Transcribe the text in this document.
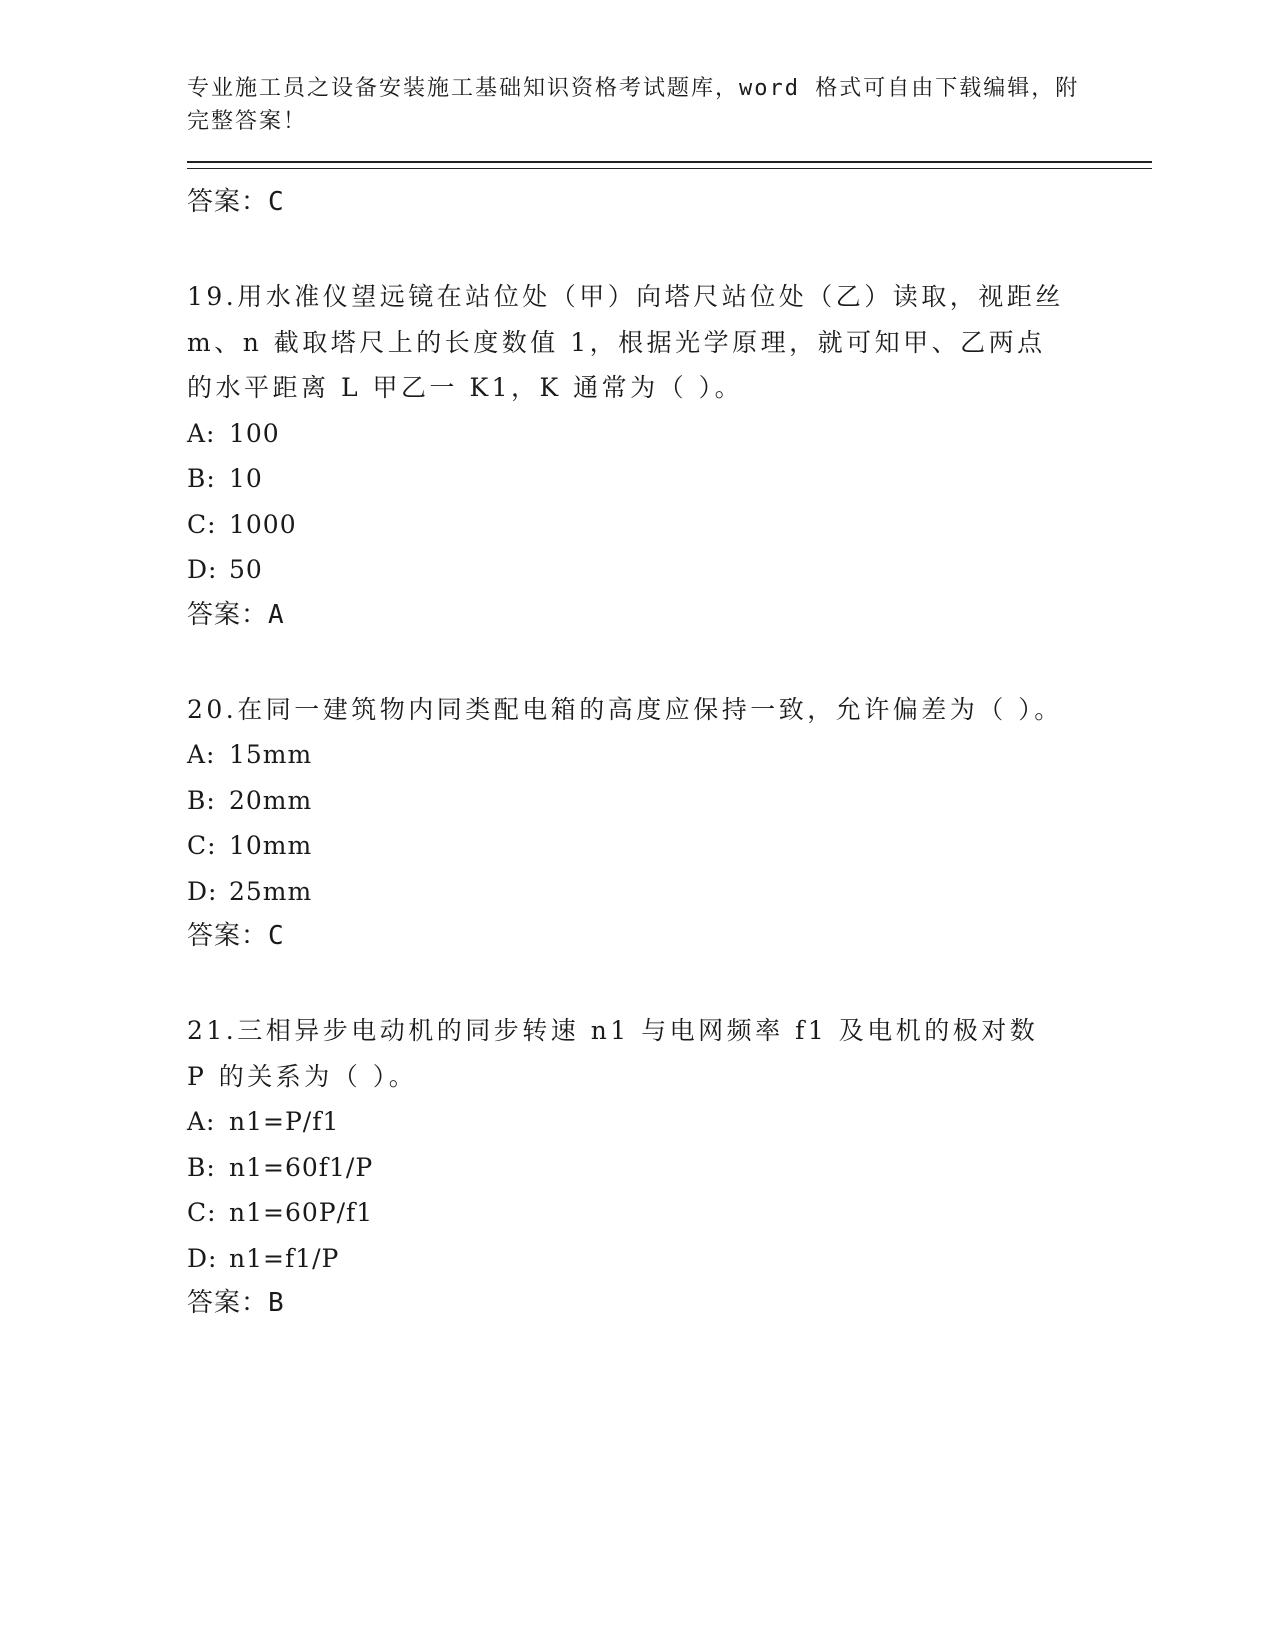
专业施工员之设备安装施工基础知识资格考试题库，word 格式可自由下载编辑，附完整答案！

答案：C

19.用水准仪望远镜在站位处（甲）向塔尺站位处（乙）读取，视距丝m、n 截取塔尺上的长度数值 1，根据光学原理，就可知甲、乙两点的水平距离 L 甲乙一 K1，K 通常为（ ）。

A: 100
B: 10
C: 1000
D: 50
答案：A

20.在同一建筑物内同类配电箱的高度应保持一致，允许偏差为（ ）。

A: 15mm
B: 20mm
C: 10mm
D: 25mm
答案：C

21.三相异步电动机的同步转速 n1 与电网频率 f1 及电机的极对数 P 的关系为（ ）。

A: n1=P/f1
B: n1=60f1/P
C: n1=60P/f1
D: n1=f1/P
答案：B
